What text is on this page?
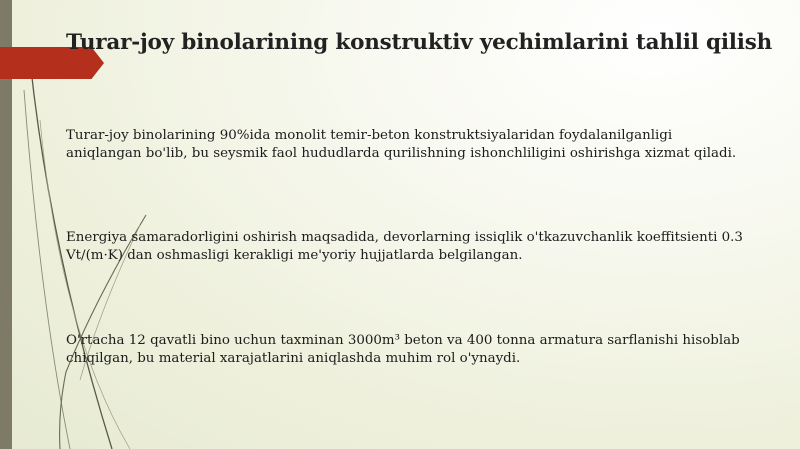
Turar-joy binolarining konstruktiv yechimlarini tahlil qilish

Turar-joy binolarining 90%ida monolit temir-beton konstruktsiyalaridan foydalanilganligi aniqlangan bo'lib, bu seysmik faol hududlarda qurilishning ishonchliligini oshirishga xizmat qiladi.

Energiya samaradorligini oshirish maqsadida, devorlarning issiqlik o'tkazuvchanlik koeffitsienti 0.3 Vt/(m·K) dan oshmasligi kerakligi me'yoriy hujjatlarda belgilangan.

O'rtacha 12 qavatli bino uchun taxminan 3000m³ beton va 400 tonna armatura sarflanishi hisoblab chiqilgan, bu material xarajatlarini aniqlashda muhim rol o'ynaydi.
